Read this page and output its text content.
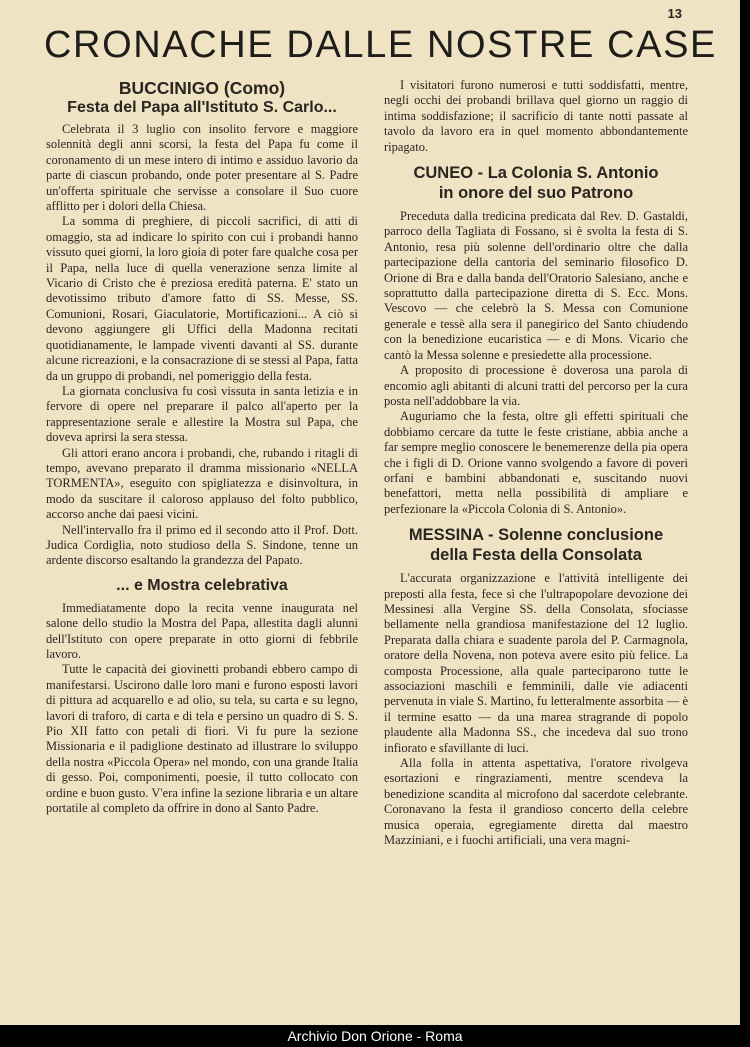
13
CRONACHE DALLE NOSTRE CASE
BUCCINIGO (Como)
Festa del Papa all'Istituto S. Carlo...

Celebrata il 3 luglio con insolito fervore e maggiore solennità degli anni scorsi, la festa del Papa fu come il coronamento di un mese intero di intimo e assiduo lavorio da parte di ciascun probando, onde poter presentare al S. Padre un'offerta spirituale che servisse a consolare il Suo cuore afflitto per i dolori della Chiesa.

La somma di preghiere, di piccoli sacrifici, di atti di omaggio, sta ad indicare lo spirito con cui i probandi hanno vissuto quei giorni, la loro gioia di poter fare qualche cosa per il Papa, nella luce di quella venerazione senza limite al Vicario di Cristo che è preziosa eredità paterna. E' stato un devotissimo tributo d'amore fatto di SS. Messe, SS. Comunioni, Rosari, Giaculatorie, Mortificazioni... A ciò si devono aggiungere gli Uffici della Madonna recitati quotidianamente, le lampade viventi davanti al SS. durante alcune ricreazioni, e la consacrazione di se stessi al Papa, fatta da un gruppo di probandi, nel pomeriggio della festa.

La giornata conclusiva fu così vissuta in santa letizia e in fervore di opere nel preparare il palco all'aperto per la rappresentazione serale e allestire la Mostra sul Papa, che doveva aprirsi la sera stessa.

Gli attori erano ancora i probandi, che, rubando i ritagli di tempo, avevano preparato il dramma missionario «NELLA TORMENTA», eseguito con spigliatezza e disinvoltura, in modo da suscitare il caloroso applauso del folto pubblico, accorso anche dai paesi vicini.

Nell'intervallo fra il primo ed il secondo atto il Prof. Dott. Judica Cordiglia, noto studioso della S. Sindone, tenne un ardente discorso esaltando la grandezza del Papato.

... e Mostra celebrativa

Immediatamente dopo la recita venne inaugurata nel salone dello studio la Mostra del Papa, allestita dagli alunni dell'Istituto con opere preparate in otto giorni di febbrile lavoro.

Tutte le capacità dei giovinetti probandi ebbero campo di manifestarsi. Uscirono dalle loro mani e furono esposti lavori di pittura ad acquarello e ad olio, su tela, su carta e su legno, lavori di traforo, di carta e di tela e persino un quadro di S. S. Pio XII fatto con petali di fiori. Vi fu pure la sezione Missionaria e il padiglione destinato ad illustrare lo sviluppo della nostra «Piccola Opera» nel mondo, con una grande Italia di gesso. Poi, componimenti, poesie, il tutto collocato con ordine e buon gusto. V'era infine la sezione libraria e un altare portatile al completo da offrire in dono al Santo Padre.

I visitatori furono numerosi e tutti soddisfatti, mentre, negli occhi dei probandi brillava quel giorno un raggio di intima soddisfazione; il sacrificio di tante notti passate al tavolo da lavoro era in quel momento abbondantemente ripagato.

CUNEO - La Colonia S. Antonio
in onore del suo Patrono

Preceduta dalla tredicina predicata dal Rev. D. Gastaldi, parroco della Tagliata di Fossano, si è svolta la festa di S. Antonio, resa più solenne dell'ordinario oltre che dalla partecipazione della cantoria del seminario filosofico D. Orione di Bra e dalla banda dell'Oratorio Salesiano, anche e soprattutto dalla partecipazione diretta di S. Ecc. Mons. Vescovo — che celebrò la S. Messa con Comunione generale e tessè alla sera il panegirico del Santo chiudendo con la benedizione eucaristica — e di Mons. Vicario che cantò la Messa solenne e presiedette alla processione.

A proposito di processione è doverosa una parola di encomio agli abitanti di alcuni tratti del percorso per la cura posta nell'addobbare la via.

Auguriamo che la festa, oltre gli effetti spirituali che dobbiamo cercare da tutte le feste cristiane, abbia anche a far sempre meglio conoscere le benemerenze della pia opera che i figli di D. Orione vanno svolgendo a favore di poveri orfani e bambini abbandonati e, suscitando nuovi benefattori, metta nella possibilità di ampliare e perfezionare la «Piccola Colonia di S. Antonio».

MESSINA - Solenne conclusione
della Festa della Consolata

L'accurata organizzazione e l'attività intelligente dei preposti alla festa, fece sì che l'ultrapopolare devozione dei Messinesi alla Vergine SS. della Consolata, sfociasse bellamente nella grandiosa manifestazione del 12 luglio. Preparata dalla chiara e suadente parola del P. Carmagnola, oratore della Novena, non poteva avere esito più felice. La composta Processione, alla quale parteciparono tutte le associazioni maschili e femminili, dalle vie adiacenti pervenuta in viale S. Martino, fu letteralmente assorbita — è il termine esatto — da una marea stragrande di popolo plaudente alla Madonna SS., che incedeva dal suo trono infiorato e sfavillante di luci.

Alla folla in attenta aspettativa, l'oratore rivolgeva esortazioni e ringraziamenti, mentre scendeva la benedizione scandita al microfono dal sacerdote celebrante. Coronavano la festa il grandioso concerto della celebre musica operaia, egregiamente diretta dal maestro Mazziniani, e i fuochi artificiali, una vera magni-

Archivio Don Orione - Roma
